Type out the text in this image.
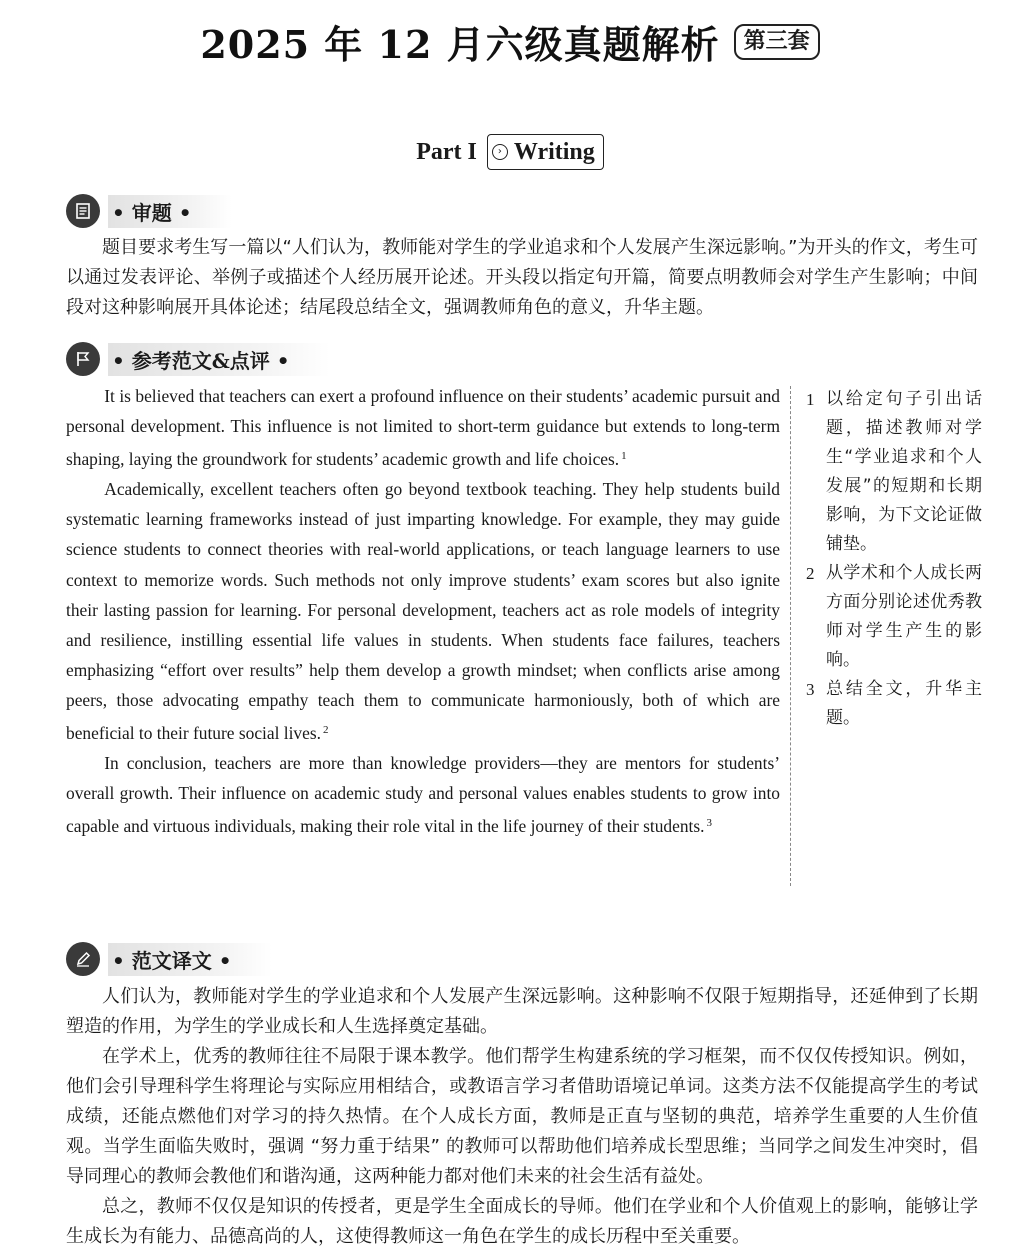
2025 年 12 月六级真题解析	第三套
Part I	› Writing
• 审题 •

题目要求考生写一篇以“人们认为，教师能对学生的学业追求和个人发展产生深远影响。”为开头的作文，考生可以通过发表评论、举例子或描述个人经历展开论述。开头段以指定句开篇，简要点明教师会对学生产生影响；中间段对这种影响展开具体论述；结尾段总结全文，强调教师角色的意义，升华主题。

• 参考范文&点评 •

It is believed that teachers can exert a profound influence on their students’ academic pursuit and personal development. This influence is not limited to short-term guidance but extends to long-term shaping, laying the groundwork for students’ academic growth and life choices. $^1$

Academically, excellent teachers often go beyond textbook teaching. They help students build systematic learning frameworks instead of just imparting knowledge. For example, they may guide science students to connect theories with real-world applications, or teach language learners to use context to memorize words. Such methods not only improve students’ exam scores but also ignite their lasting passion for learning. For personal development, teachers act as role models of integrity and resilience, instilling essential life values in students. When students face failures, teachers emphasizing “effort over results” help them develop a growth mindset; when conflicts arise among peers, those advocating empathy teach them to communicate harmoniously, both of which are beneficial to their future social lives. $^2$

In conclusion, teachers are more than knowledge providers—they are mentors for students’ overall growth. Their influence on academic study and personal values enables students to grow into capable and virtuous individuals, making their role vital in the life journey of their students. $^3$

1 以给定句子引出话题，描述教师对学生“学业追求和个人发展”的短期和长期影响，为下文论证做铺垫。
2 从学术和个人成长两方面分别论述优秀教师对学生产生的影响。
3 总结全文，升华主题。
• 范文译文 •

人们认为，教师能对学生的学业追求和个人发展产生深远影响。这种影响不仅限于短期指导，还延伸到了长期塑造的作用，为学生的学业成长和人生选择奠定基础。

在学术上，优秀的教师往往不局限于课本教学。他们帮学生构建系统的学习框架，而不仅仅传授知识。例如，他们会引导理科学生将理论与实际应用相结合，或教语言学习者借助语境记单词。这类方法不仅能提高学生的考试成绩，还能点燃他们对学习的持久热情。在个人成长方面，教师是正直与坚韧的典范，培养学生重要的人生价值观。当学生面临失败时，强调 “努力重于结果” 的教师可以帮助他们培养成长型思维；当同学之间发生冲突时，倡导同理心的教师会教他们和谐沟通，这两种能力都对他们未来的社会生活有益处。

总之，教师不仅仅是知识的传授者，更是学生全面成长的导师。他们在学业和个人价值观上的影响，能够让学生成长为有能力、品德高尚的人，这使得教师这一角色在学生的成长历程中至关重要。
